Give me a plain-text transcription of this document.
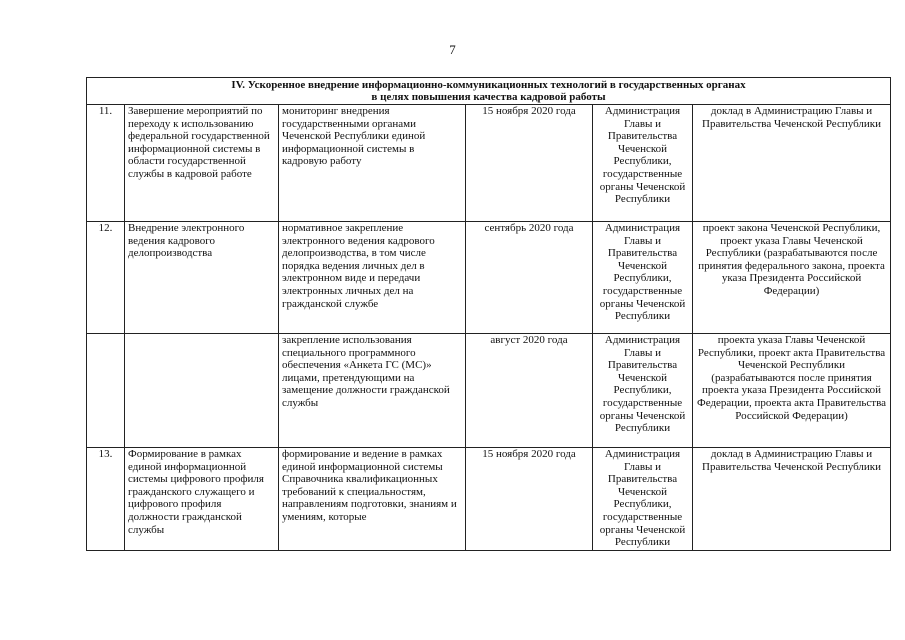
7
IV. Ускоренное внедрение информационно-коммуникационных технологий в государственных органах
в целях повышения качества кадровой работы					
11.	Завершение мероприятий по переходу к использованию федеральной государственной информационной системы в области государственной службы в кадровой работе	мониторинг внедрения государственными органами Чеченской Республики единой информационной системы в кадровую работу	15 ноября 2020 года	Администрация Главы и Правительства Чеченской Республики, государственные органы Чеченской Республики	доклад в Администрацию Главы и Правительства Чеченской Республики
12.	Внедрение электронного ведения кадрового делопроизводства	нормативное закрепление электронного ведения кадрового делопроизводства, в том числе порядка ведения личных дел в электронном виде и передачи электронных личных дел на гражданской службе	сентябрь 2020 года	Администрация Главы и Правительства Чеченской Республики, государственные органы Чеченской Республики	проект закона Чеченской Республики, проект указа Главы Чеченской Республики (разрабатываются после принятия федерального закона, проекта указа Президента Российской Федерации)
		закрепление использования специального программного обеспечения «Анкета ГС (МС)» лицами, претендующими на замещение должности гражданской службы	август 2020 года	Администрация Главы и Правительства Чеченской Республики, государственные органы Чеченской Республики	проекта указа Главы Чеченской Республики, проект акта Правительства Чеченской Республики (разрабатываются после принятия проекта указа Президента Российской Федерации, проекта акта Правительства Российской Федерации)
13.	Формирование в рамках единой информационной системы цифрового профиля гражданского служащего и цифрового профиля должности гражданской службы	формирование и ведение в рамках единой информационной системы Справочника квалификационных требований к специальностям, направлениям подготовки, знаниям и умениям, которые	15 ноября 2020 года	Администрация Главы и Правительства Чеченской Республики, государственные органы Чеченской Республики	доклад в Администрацию Главы и Правительства Чеченской Республики
